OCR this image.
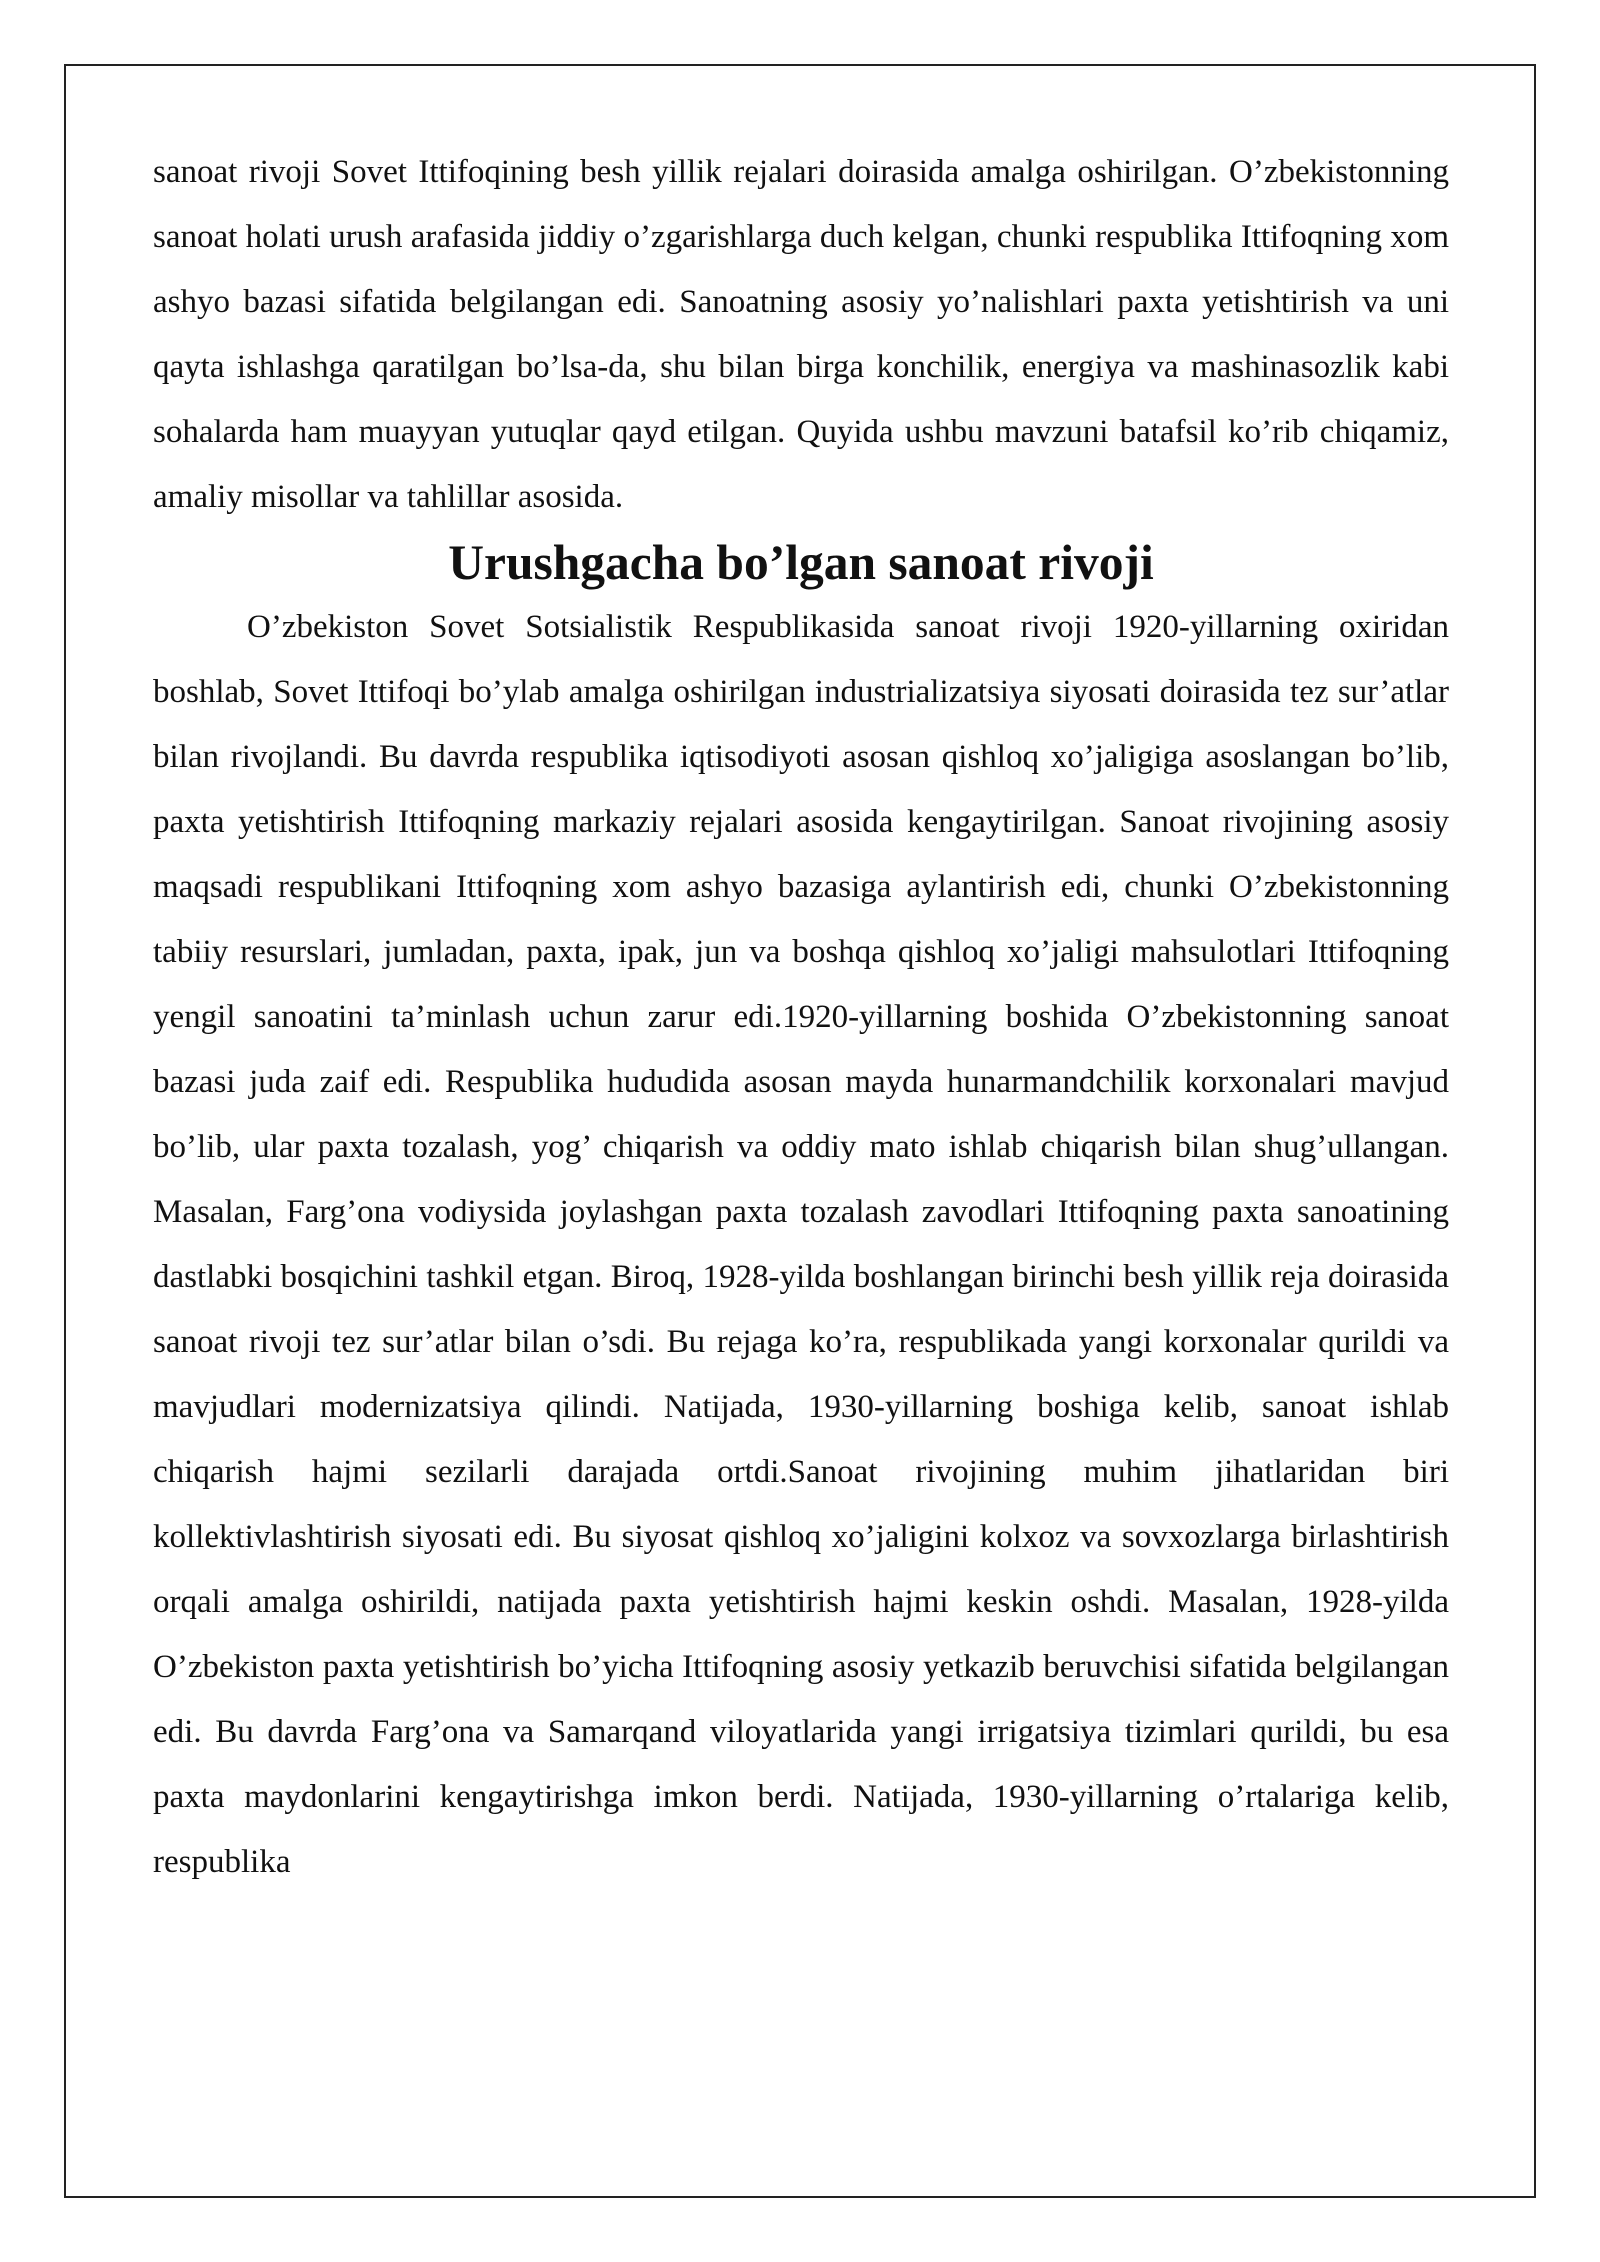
sanoat rivoji Sovet Ittifoqining besh yillik rejalari doirasida amalga oshirilgan. O’zbekistonning sanoat holati urush arafasida jiddiy o’zgarishlarga duch kelgan, chunki respublika Ittifoqning xom ashyo bazasi sifatida belgilangan edi. Sanoatning asosiy yo’nalishlari paxta yetishtirish va uni qayta ishlashga qaratilgan bo’lsa-da, shu bilan birga konchilik, energiya va mashinasozlik kabi sohalarda ham muayyan yutuqlar qayd etilgan. Quyida ushbu mavzuni batafsil ko’rib chiqamiz, amaliy misollar va tahlillar asosida.

Urushgacha bo’lgan sanoat rivoji

O’zbekiston Sovet Sotsialistik Respublikasida sanoat rivoji 1920-yillarning oxiridan boshlab, Sovet Ittifoqi bo’ylab amalga oshirilgan industrializatsiya siyosati doirasida tez sur’atlar bilan rivojlandi. Bu davrda respublika iqtisodiyoti asosan qishloq xo’jaligiga asoslangan bo’lib, paxta yetishtirish Ittifoqning markaziy rejalari asosida kengaytirilgan. Sanoat rivojining asosiy maqsadi respublikani Ittifoqning xom ashyo bazasiga aylantirish edi, chunki O’zbekistonning tabiiy resurslari, jumladan, paxta, ipak, jun va boshqa qishloq xo’jaligi mahsulotlari Ittifoqning yengil sanoatini ta’minlash uchun zarur edi.1920-yillarning boshida O’zbekistonning sanoat bazasi juda zaif edi. Respublika hududida asosan mayda hunarmandchilik korxonalari mavjud bo’lib, ular paxta tozalash, yog’ chiqarish va oddiy mato ishlab chiqarish bilan shug’ullangan. Masalan, Farg’ona vodiysida joylashgan paxta tozalash zavodlari Ittifoqning paxta sanoatining dastlabki bosqichini tashkil etgan. Biroq, 1928-yilda boshlangan birinchi besh yillik reja doirasida sanoat rivoji tez sur’atlar bilan o’sdi. Bu rejaga ko’ra, respublikada yangi korxonalar qurildi va mavjudlari modernizatsiya qilindi. Natijada, 1930-yillarning boshiga kelib, sanoat ishlab chiqarish hajmi sezilarli darajada ortdi.Sanoat rivojining muhim jihatlaridan biri kollektivlashtirish siyosati edi. Bu siyosat qishloq xo’jaligini kolxoz va sovxozlarga birlashtirish orqali amalga oshirildi, natijada paxta yetishtirish hajmi keskin oshdi. Masalan, 1928-yilda O’zbekiston paxta yetishtirish bo’yicha Ittifoqning asosiy yetkazib beruvchisi sifatida belgilangan edi. Bu davrda Farg’ona va Samarqand viloyatlarida yangi irrigatsiya tizimlari qurildi, bu esa paxta maydonlarini kengaytirishga imkon berdi. Natijada, 1930-yillarning o’rtalariga kelib, respublika
